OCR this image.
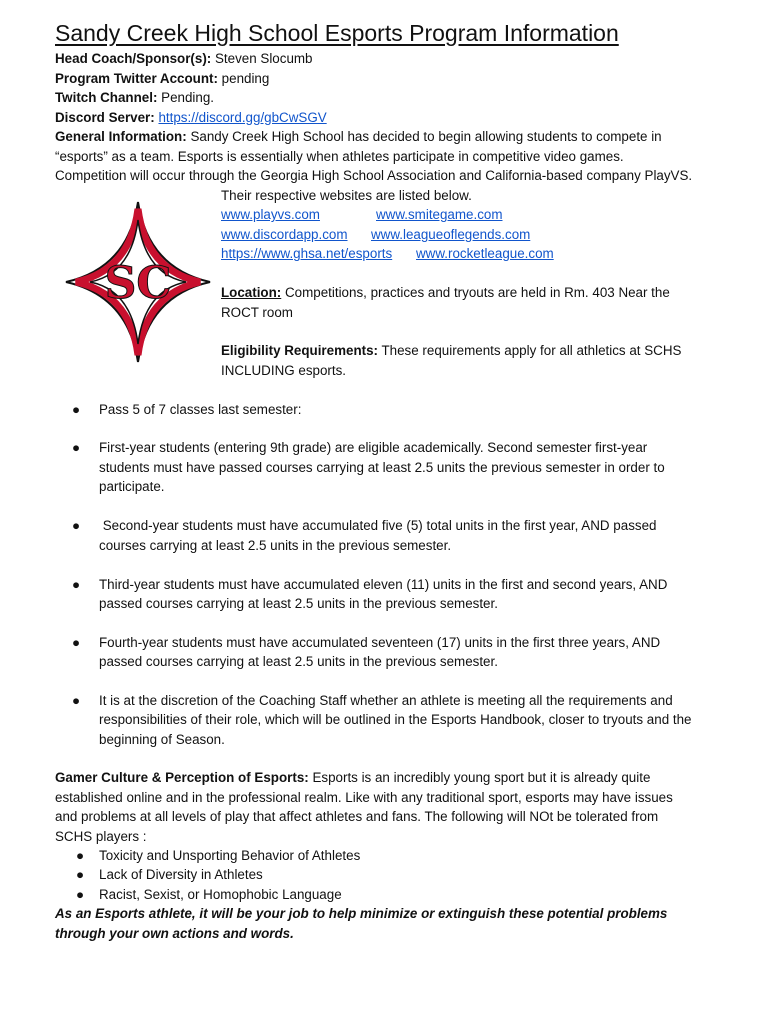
Sandy Creek High School Esports Program Information
Head Coach/Sponsor(s): Steven Slocumb
Program Twitter Account: pending
Twitch Channel: Pending.
Discord Server: https://discord.gg/gbCwSGV
General Information: Sandy Creek High School has decided to begin allowing students to compete in
“esports” as a team. Esports is essentially when athletes participate in competitive video games.
Competition will occur through the Georgia High School Association and California-based company PlayVS.
Their respective websites are listed below.
SC
www.playvs.com	www.smitegame.com
www.discordapp.com www.leagueoflegends.com
https://www.ghsa.net/esports www.rocketleague.com
Location: Competitions, practices and tryouts are held in Rm. 403 Near the
ROCT room
Eligibility Requirements: These requirements apply for all athletics at SCHS
INCLUDING esports.
● Pass 5 of 7 classes last semester:
● First-year students (entering 9th grade) are eligible academically. Second semester first-year
students must have passed courses carrying at least 2.5 units the previous semester in order to
participate.
● Second-year students must have accumulated five (5) total units in the first year, AND passed
courses carrying at least 2.5 units in the previous semester.
● Third-year students must have accumulated eleven (11) units in the first and second years, AND
passed courses carrying at least 2.5 units in the previous semester.
● Fourth-year students must have accumulated seventeen (17) units in the first three years, AND
passed courses carrying at least 2.5 units in the previous semester.
● It is at the discretion of the Coaching Staff whether an athlete is meeting all the requirements and
responsibilities of their role, which will be outlined in the Esports Handbook, closer to tryouts and the
beginning of Season.
Gamer Culture & Perception of Esports: Esports is an incredibly young sport but it is already quite
established online and in the professional realm. Like with any traditional sport, esports may have issues
and problems at all levels of play that affect athletes and fans. The following will NOt be tolerated from
SCHS players :
● Toxicity and Unsporting Behavior of Athletes
● Lack of Diversity in Athletes
● Racist, Sexist, or Homophobic Language
As an Esports athlete, it will be your job to help minimize or extinguish these potential problems
through your own actions and words.
